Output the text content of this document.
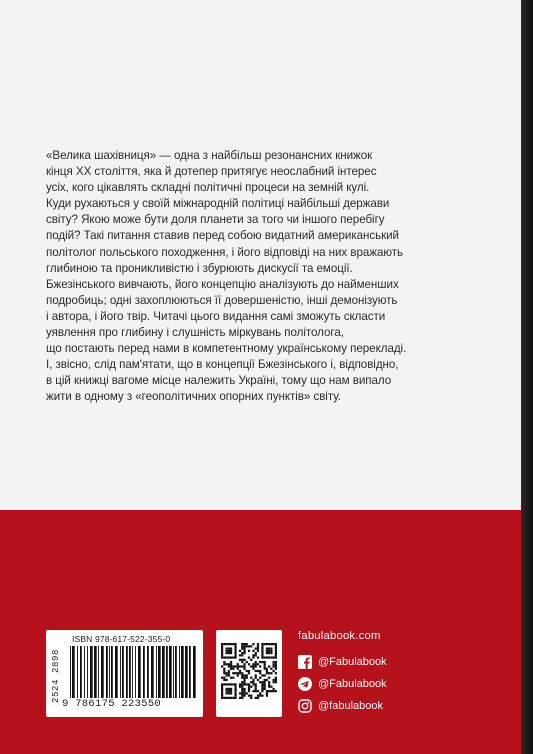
«Велика шахівниця» — одна з найбільш резонансних книжок

кінця ХХ століття, яка й дотепер притягує неослабний інтерес

усіх, кого цікавлять складні політичні процеси на земній кулі.

Куди рухаються у своїй міжнародній політиці найбільші держави

світу? Якою може бути доля планети за того чи іншого перебігу

подій? Такі питання ставив перед собою видатний американський

політолог польського походження, і його відповіді на них вражають

глибиною та проникливістю і збурюють дискусії та емоції.

Бжезінського вивчають, його концепцію аналізують до найменших

подробиць; одні захоплюються її довершеністю, інші демонізують

і автора, і його твір. Читачі цього видання самі зможуть скласти

уявлення про глибину і слушність міркувань політолога,

що постають перед нами в компетентному українському перекладі.

І, звісно, слід пам'ятати, що в концепції Бжезінського і, відповідно,

в цій книжці вагоме місце належить Україні, тому що нам випало

жити в одному з «геополітичних опорних пунктів» світу.

ISBN 978-617-522-355-0
2524 2898
9 786175 223550
fabulabook.com
@Fabulabook
@Fabulabook
@fabulabook
